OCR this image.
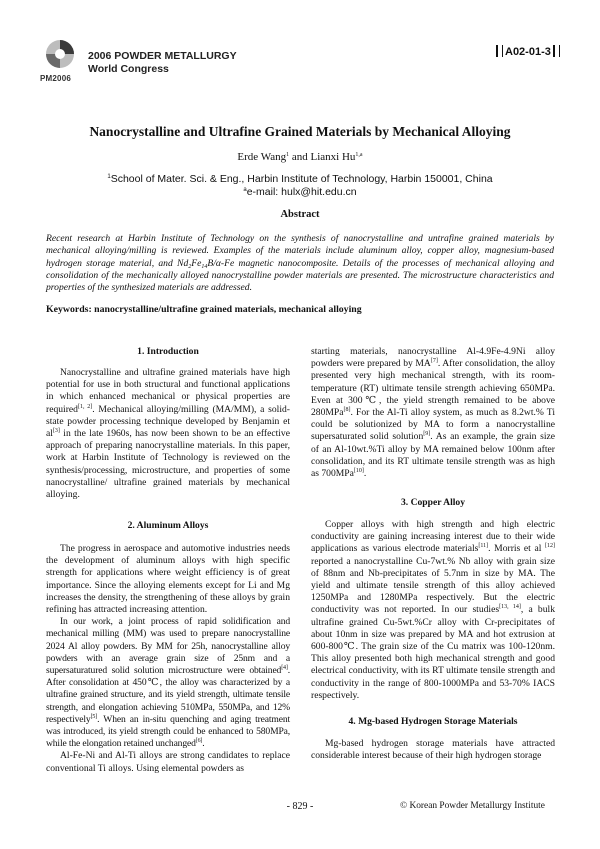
2006 POWDER METALLURGY
World Congress
PM2006
A02-01-3
Nanocrystalline and Ultrafine Grained Materials by Mechanical Alloying
Erde Wang$^1$ and Lianxi Hu$^{1,a}$
$^1$School of Mater. Sci. & Eng., Harbin Institute of Technology, Harbin 150001, China
$^a$e-mail: hulx@hit.edu.cn
Abstract
Recent research at Harbin Institute of Technology on the synthesis of nanocrystalline and untrafine grained materials by mechanical alloying/milling is reviewed. Examples of the materials include aluminum alloy, copper alloy, magnesium-based hydrogen storage material, and $Nd_2Fe_{14}B/\alpha-Fe$ magnetic nanocomposite. Details of the processes of mechanical alloying and consolidation of the mechanically alloyed nanocrystalline powder materials are presented. The microstructure characteristics and properties of the synthesized materials are addressed.
Keywords: nanocrystalline/ultrafine grained materials, mechanical alloying
1. Introduction

Nanocrystalline and ultrafine grained materials have high potential for use in both structural and functional applications in which enhanced mechanical or physical properties are required[1, 2]. Mechanical alloying/milling (MA/MM), a solid-state powder processing technique developed by Benjamin et al[3] in the late 1960s, has now been shown to be an effective approach of preparing nanocrystalline materials. In this paper, work at Harbin Institute of Technology is reviewed on the synthesis/processing, microstructure, and properties of some nanocrystalline/ ultrafine grained materials by mechanical alloying.

2. Aluminum Alloys

The progress in aerospace and automotive industries needs the development of aluminum alloys with high specific strength for applications where weight efficiency is of great importance. Since the alloying elements except for Li and Mg increases the density, the strengthening of these alloys by grain refining has attracted increasing attention.

In our work, a joint process of rapid solidification and mechanical milling (MM) was used to prepare nanocrystalline 2024 Al alloy powders. By MM for 25h, nanocrystalline alloy powders with an average grain size of 25nm and a supersaturatured solid solution microstructure were obtained[4]. After consolidation at 450℃, the alloy was characterized by a ultrafine grained structure, and its yield strength, ultimate tensile strength, and elongation achieving 510MPa, 550MPa, and 12% respectively[5]. When an in-situ quenching and aging treatment was introduced, its yield strength could be enhanced to 580MPa, while the elongation retained unchanged[6].

Al-Fe-Ni and Al-Ti alloys are strong candidates to replace conventional Ti alloys. Using elemental powders as

starting materials, nanocrystalline Al-4.9Fe-4.9Ni alloy powders were prepared by MA[7]. After consolidation, the alloy presented very high mechanical strength, with its room-temperature (RT) ultimate tensile strength achieving 650MPa. Even at 300℃, the yield strength remained to be above 280MPa[8]. For the Al-Ti alloy system, as much as 8.2wt.% Ti could be solutionized by MA to form a nanocrystalline supersaturated solid solution[9]. As an example, the grain size of an Al-10wt.%Ti alloy by MA remained below 100nm after consolidation, and its RT ultimate tensile strength was as high as 700MPa[10].

3. Copper Alloy

Copper alloys with high strength and high electric conductivity are gaining increasing interest due to their wide applications as various electrode materials[11]. Morris et al [12] reported a nanocrystalline Cu-7wt.% Nb alloy with grain size of 88nm and Nb-precipitates of 5.7nm in size by MA. The yield and ultimate tensile strength of this alloy achieved 1250MPa and 1280MPa respectively. But the electric conductivity was not reported. In our studies[13, 14], a bulk ultrafine grained Cu-5wt.%Cr alloy with Cr-precipitates of about 10nm in size was prepared by MA and hot extrusion at 600-800℃. The grain size of the Cu matrix was 100-120nm. This alloy presented both high mechanical strength and good electrical conductivity, with its RT ultimate tensile strength and conductivity in the range of 800-1000MPa and 53-70% IACS respectively.

4. Mg-based Hydrogen Storage Materials

Mg-based hydrogen storage materials have attracted considerable interest because of their high hydrogen storage

- 829 -	© Korean Powder Metallurgy Institute
